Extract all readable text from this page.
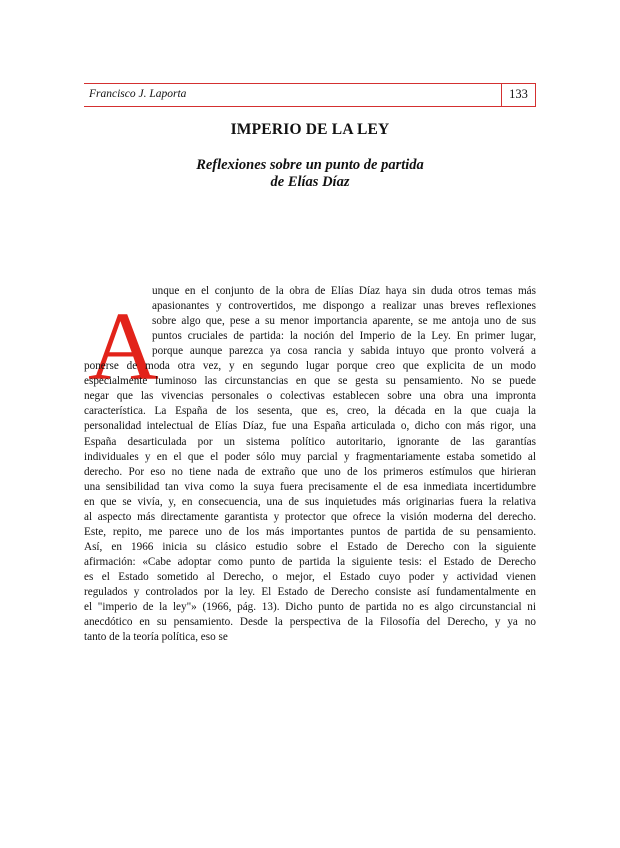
Francisco J. Laporta	133
IMPERIO DE LA LEY
Reflexiones sobre un punto de partida
de Elías Díaz
A
unque en el conjunto de la obra de Elías Díaz haya sin duda otros temas más
apasionantes y controvertidos, me dispongo a realizar unas breves reflexiones
sobre algo que, pese a su menor importancia aparente, se me antoja uno de sus
puntos cruciales de partida: la noción del Imperio de la Ley. En primer lugar,
porque aunque parezca ya cosa rancia y sabida intuyo que pronto volverá a
ponerse de moda otra vez, y en segundo lugar porque creo que explicita de un modo
especialmente luminoso las circunstancias en que se gesta su pensamiento. No se puede
negar que las vivencias personales o colectivas establecen sobre una obra una impronta
característica. La España de los sesenta, que es, creo, la década en la que cuaja la
personalidad intelectual de Elías Díaz, fue una España articulada o, dicho con más rigor, una
España desarticulada por un sistema político autoritario, ignorante de las garantías
individuales y en el que el poder sólo muy parcial y fragmentariamente estaba sometido al
derecho. Por eso no tiene nada de extraño que uno de los primeros estímulos que hirieran
una sensibilidad tan viva como la suya fuera precisamente el de esa inmediata incertidumbre
en que se vivía, y, en consecuencia, una de sus inquietudes más originarias fuera la relativa
al aspecto más directamente garantista y protector que ofrece la visión moderna del derecho.
Este, repito, me parece uno de los más importantes puntos de partida de su pensamiento.
Así, en 1966 inicia su clásico estudio sobre el Estado de Derecho con la siguiente
afirmación: «Cabe adoptar como punto de partida la siguiente tesis: el Estado de Derecho
es el Estado sometido al Derecho, o mejor, el Estado cuyo poder y actividad vienen
regulados y controlados por la ley. El Estado de Derecho consiste así fundamentalmente en
el "imperio de la ley"» (1966, pág. 13). Dicho punto de partida no es algo circunstancial ni
anecdótico en su pensamiento. Desde la perspectiva de la Filosofía del Derecho, y ya no
tanto de la teoría política, eso se
